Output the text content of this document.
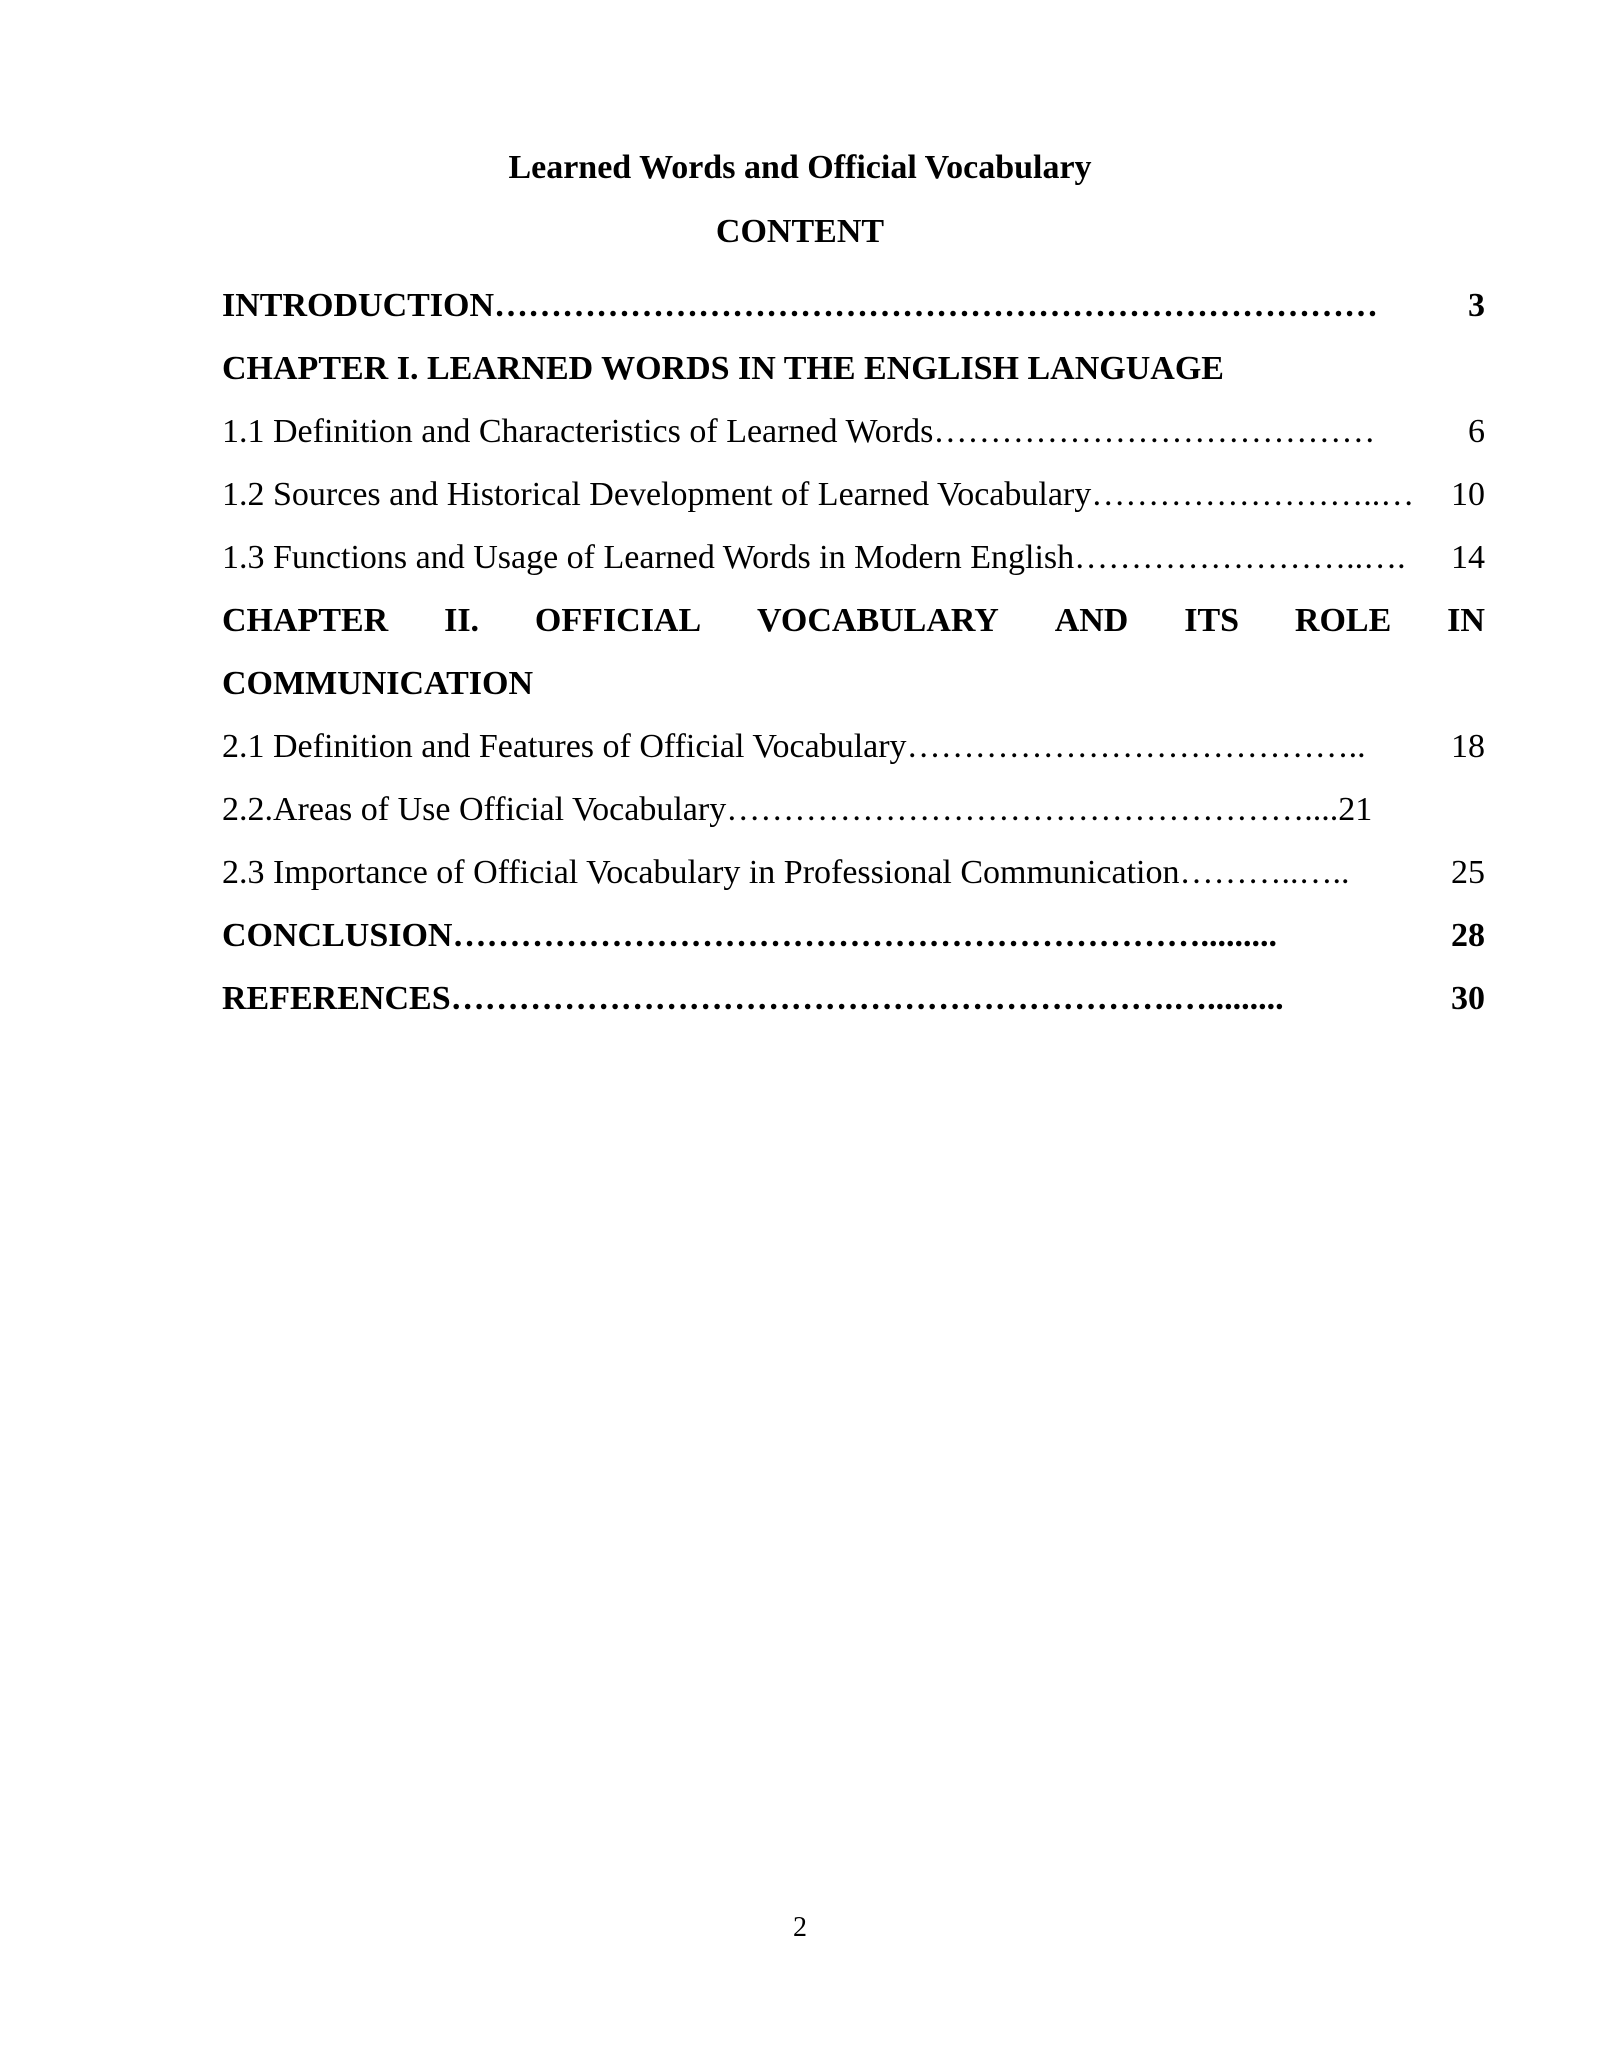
Learned Words and Official Vocabulary
CONTENT
INTRODUCTION ……………………………………………………………………	3
CHAPTER I. LEARNED WORDS IN THE ENGLISH LANGUAGE
1.1 Definition and Characteristics of Learned Words …………………………………	6
1.2 Sources and Historical Development of Learned Vocabulary ……………………..… 10
1.3 Functions and Usage of Learned Words in Modern English ……………………..…. 14
CHAPTER II. OFFICIAL VOCABULARY AND ITS ROLE IN
COMMUNICATION
2.1 Definition and Features of Official Vocabulary …………………………………..	18
2.2.Areas of Use Official Vocabulary …………………………………………….... 21
2.3 Importance of Official Vocabulary in Professional Communication ………..…..	25
CONCLUSION ………………………………………………………….........	28
REFERENCES ……………………………………………………….….........	30
2
